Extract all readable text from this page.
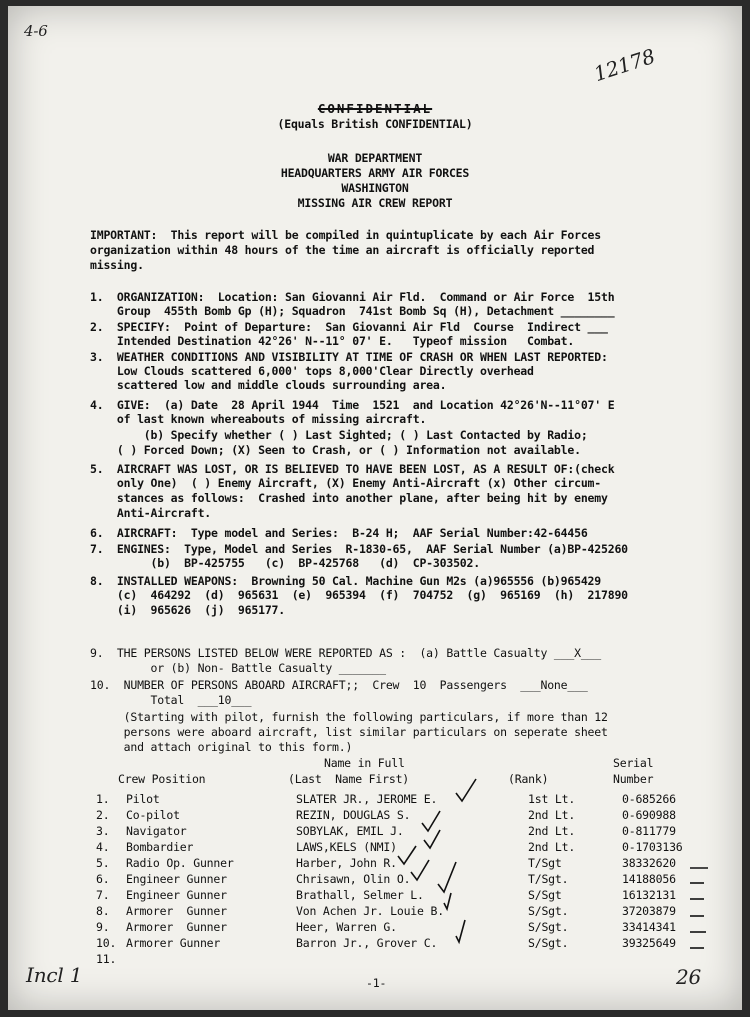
4-6
12178
CONFIDENTIAL
(Equals British CONFIDENTIAL)
WAR DEPARTMENT
HEADQUARTERS ARMY AIR FORCES
WASHINGTON
MISSING AIR CREW REPORT
IMPORTANT:  This report will be compiled in quintuplicate by each Air Forces
organization within 48 hours of the time an aircraft is officially reported
missing.
1.  ORGANIZATION:  Location: San Giovanni Air Fld.  Command or Air Force  15th
Group  455th Bomb Gp (H); Squadron  741st Bomb Sq (H), Detachment ________
2.  SPECIFY:  Point of Departure:  San Giovanni Air Fld  Course  Indirect ___
Intended Destination 42°26' N--11° 07' E.   Typeof mission   Combat.
3.  WEATHER CONDITIONS AND VISIBILITY AT TIME OF CRASH OR WHEN LAST REPORTED:
Low Clouds scattered 6,000' tops 8,000'Clear Directly overhead
scattered low and middle clouds surrounding area.
4.  GIVE:  (a) Date  28 April 1944  Time  1521  and Location 42°26'N--11°07' E
of last known whereabouts of missing aircraft.
(b) Specify whether ( ) Last Sighted; ( ) Last Contacted by Radio;
( ) Forced Down; (X) Seen to Crash, or ( ) Information not available.
5.  AIRCRAFT WAS LOST, OR IS BELIEVED TO HAVE BEEN LOST, AS A RESULT OF:(check
only One)  ( ) Enemy Aircraft, (X) Enemy Anti-Aircraft (x) Other circum-
stances as follows:  Crashed into another plane, after being hit by enemy
Anti-Aircraft.
6.  AIRCRAFT:  Type model and Series:  B-24 H;  AAF Serial Number:42-64456
7.  ENGINES:  Type, Model and Series  R-1830-65,  AAF Serial Number (a)BP-425260
(b)  BP-425755   (c)  BP-425768   (d)  CP-303502.
8.  INSTALLED WEAPONS:  Browning 50 Cal. Machine Gun M2s (a)965556 (b)965429
(c)  464292  (d)  965631  (e)  965394  (f)  704752  (g)  965169  (h)  217890
(i)  965626  (j)  965177.
9.  THE PERSONS LISTED BELOW WERE REPORTED AS :  (a) Battle Casualty ___X___
or (b) Non- Battle Casualty _______
10.  NUMBER OF PERSONS ABOARD AIRCRAFT;;  Crew  10  Passengers  ___None___
Total  ___10___
(Starting with pilot, furnish the following particulars, if more than 12
persons were aboard aircraft, list similar particulars on seperate sheet
and attach original to this form.)
Name in Full	Serial
Crew Position	(Last  Name First)	(Rank)	Number
1. Pilot	SLATER JR., JEROME E.	1st Lt.	0-685266
2. Co-pilot	REZIN, DOUGLAS S.	2nd Lt.	0-690988
3. Navigator	SOBYLAK, EMIL J.	2nd Lt.	0-811779
4. Bombardier	LAWS,KELS (NMI)	2nd Lt.	0-1703136
5. Radio Op. Gunner	Harber, John R.	T/Sgt	38332620
6. Engineer Gunner	Chrisawn, Olin O.	T/Sgt.	14188056
7. Engineer Gunner	Brathall, Selmer L.	S/Sgt	16132131
8. Armorer  Gunner	Von Achen Jr. Louie B.	S/Sgt.	37203879
9. Armorer  Gunner	Heer, Warren G.	S/Sgt.	33414341
10. Armorer Gunner	Barron Jr., Grover C.	S/Sgt.	39325649
11.
Incl 1	-1-	26
